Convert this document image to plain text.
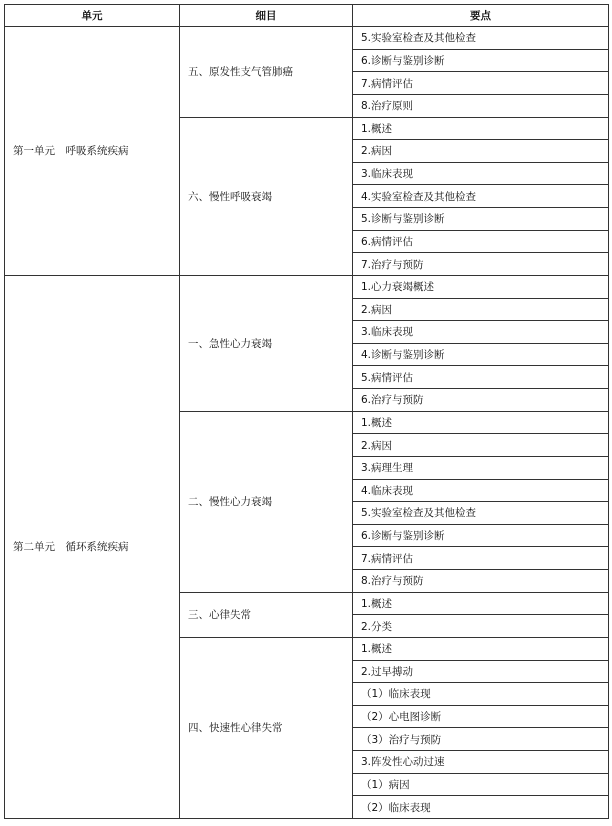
单元	细目	要点
第一单元　呼吸系统疾病	五、原发性支气管肺癌	5.实验室检查及其他检查
		6.诊断与鉴别诊断
		7.病情评估
		8.治疗原则
	六、慢性呼吸衰竭	1.概述
		2.病因
		3.临床表现
		4.实验室检查及其他检查
		5.诊断与鉴别诊断
		6.病情评估
		7.治疗与预防
第二单元　循环系统疾病	一、急性心力衰竭	1.心力衰竭概述
		2.病因
		3.临床表现
		4.诊断与鉴别诊断
		5.病情评估
		6.治疗与预防
	二、慢性心力衰竭	1.概述
		2.病因
		3.病理生理
		4.临床表现
		5.实验室检查及其他检查
		6.诊断与鉴别诊断
		7.病情评估
		8.治疗与预防
	三、心律失常	1.概述
		2.分类
	四、快速性心律失常	1.概述
		2.过早搏动
		（1）临床表现
		（2）心电图诊断
		（3）治疗与预防
		3.阵发性心动过速
		（1）病因
		（2）临床表现
